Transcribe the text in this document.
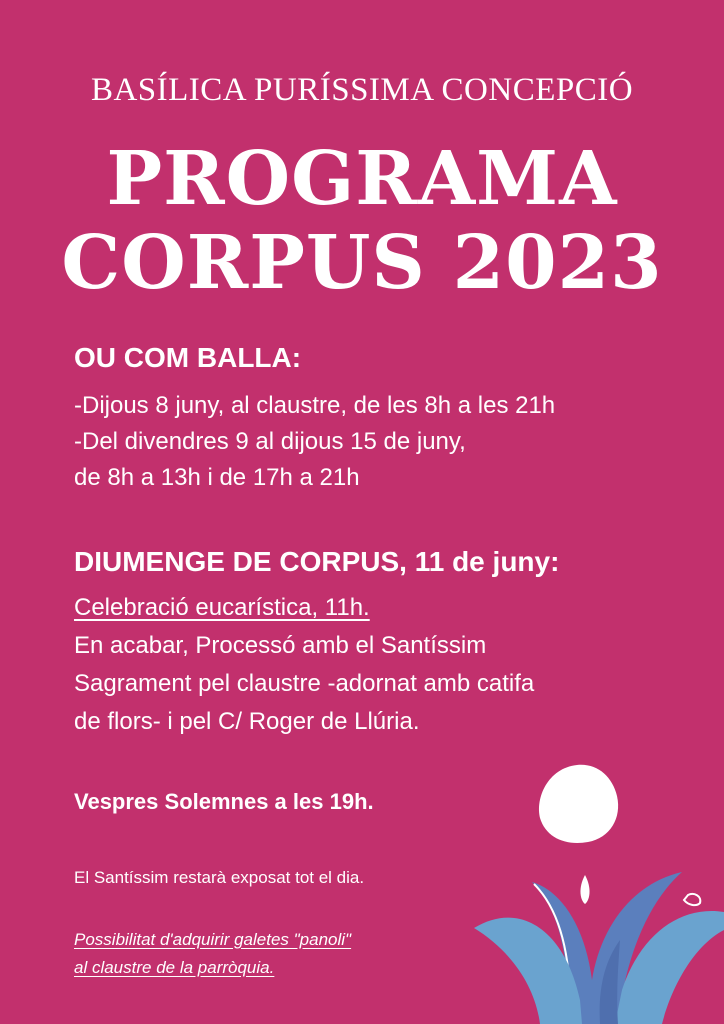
BASÍLICA PURÍSSIMA CONCEPCIÓ
PROGRAMA
CORPUS 2023
OU COM BALLA:
-Dijous 8 juny, al claustre, de les 8h a les 21h
-Del divendres 9 al dijous 15 de juny,
de 8h a 13h i de 17h a 21h
DIUMENGE DE CORPUS, 11 de juny:
Celebració eucarística, 11h.
En acabar, Processó amb el Santíssim
Sagrament pel claustre -adornat amb catifa
de flors- i pel C/ Roger de Llúria.
Vespres Solemnes a les 19h.
El Santíssim restarà exposat tot el dia.
Possibilitat d'adquirir galetes "panoli"
al claustre de la parròquia.
